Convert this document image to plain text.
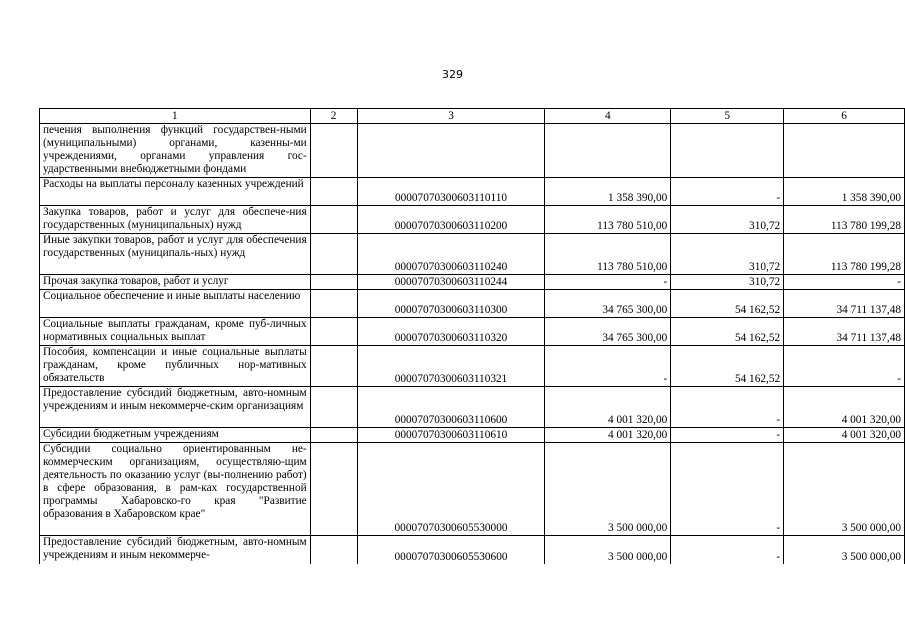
329
1	2	3	4	5	6
печения выполнения функций государствен-ными (муниципальными) органами, казенны-ми учреждениями, органами управления гос-ударственными внебюджетными фондами					
Расходы на выплаты персоналу казенных учреждений		00007070300603110110	1 358 390,00	-	1 358 390,00
Закупка товаров, работ и услуг для обеспече-ния государственных (муниципальных) нужд		00007070300603110200	113 780 510,00	310,72	113 780 199,28
Иные закупки товаров, работ и услуг для обеспечения государственных (муниципаль-ных) нужд		00007070300603110240	113 780 510,00	310,72	113 780 199,28
Прочая закупка товаров, работ и услуг		00007070300603110244	-	310,72	-
Социальное обеспечение и иные выплаты населению		00007070300603110300	34 765 300,00	54 162,52	34 711 137,48
Социальные выплаты гражданам, кроме пуб-личных нормативных социальных выплат		00007070300603110320	34 765 300,00	54 162,52	34 711 137,48
Пособия, компенсации и иные социальные выплаты гражданам, кроме публичных нор-мативных обязательств		00007070300603110321	-	54 162,52	-
Предоставление субсидий бюджетным, авто-номным учреждениям и иным некоммерче-ским организациям		00007070300603110600	4 001 320,00	-	4 001 320,00
Субсидии бюджетным учреждениям		00007070300603110610	4 001 320,00	-	4 001 320,00
Субсидии социально ориентированным не-коммерческим организациям, осуществляю-щим деятельность по оказанию услуг (вы-полнению работ) в сфере образования, в рам-ках государственной программы Хабаровско-го края "Развитие образования в Хабаровском крае"		00007070300605530000	3 500 000,00	-	3 500 000,00
Предоставление субсидий бюджетным, авто-номным учреждениям и иным некоммерче-		00007070300605530600	3 500 000,00	-	3 500 000,00
